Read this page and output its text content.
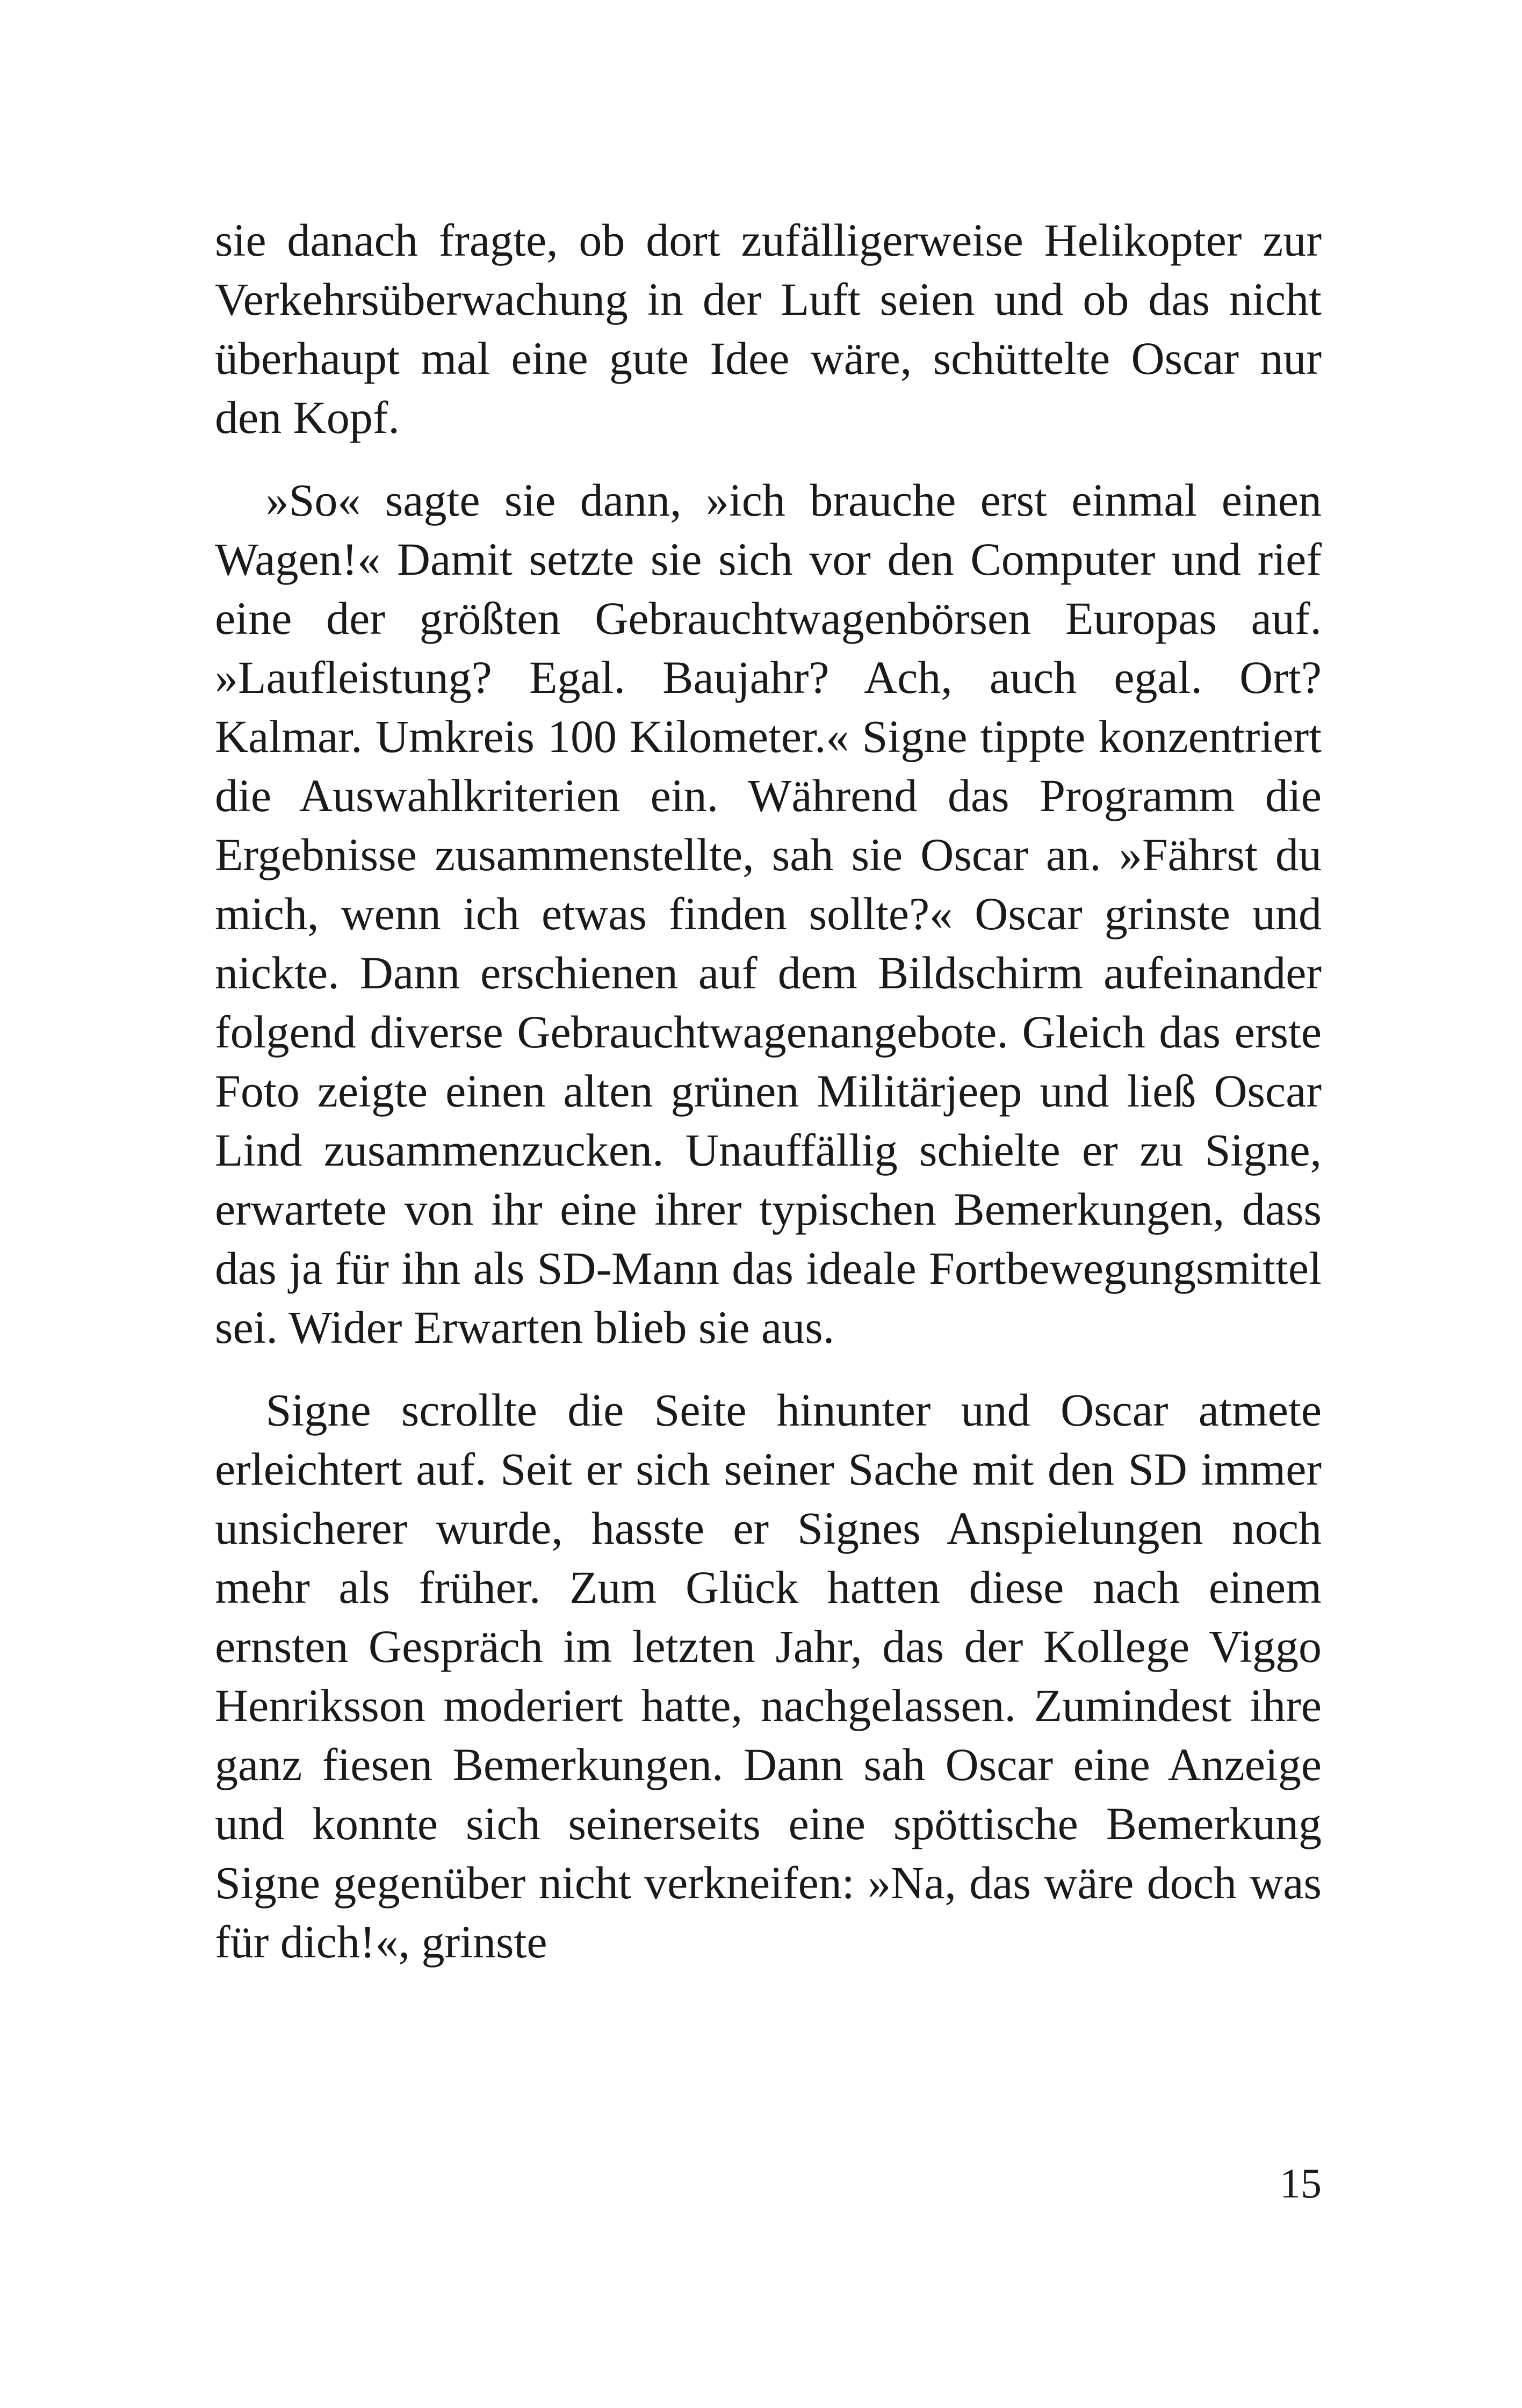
sie danach fragte, ob dort zufälligerweise Helikopter zur Verkehrsüberwachung in der Luft seien und ob das nicht überhaupt mal eine gute Idee wäre, schüttelte Oscar nur den Kopf.

»So« sagte sie dann, »ich brauche erst einmal einen Wagen!« Damit setzte sie sich vor den Computer und rief eine der größten Gebrauchtwagenbörsen Europas auf. »Laufleistung? Egal. Baujahr? Ach, auch egal. Ort? Kalmar. Umkreis 100 Kilometer.« Signe tippte konzentriert die Auswahlkriterien ein. Während das Programm die Ergebnisse zusammenstellte, sah sie Oscar an. »Fährst du mich, wenn ich etwas finden sollte?« Oscar grinste und nickte. Dann erschienen auf dem Bildschirm aufeinander folgend diverse Gebrauchtwagenangebote. Gleich das erste Foto zeigte einen alten grünen Militärjeep und ließ Oscar Lind zusammenzucken. Unauffällig schielte er zu Signe, erwartete von ihr eine ihrer typischen Bemerkungen, dass das ja für ihn als SD-Mann das ideale Fortbewegungsmittel sei. Wider Erwarten blieb sie aus.

Signe scrollte die Seite hinunter und Oscar atmete erleichtert auf. Seit er sich seiner Sache mit den SD immer unsicherer wurde, hasste er Signes Anspielungen noch mehr als früher. Zum Glück hatten diese nach einem ernsten Gespräch im letzten Jahr, das der Kollege Viggo Henriksson moderiert hatte, nachgelassen. Zumindest ihre ganz fiesen Bemerkungen. Dann sah Oscar eine Anzeige und konnte sich seinerseits eine spöttische Bemerkung Signe gegenüber nicht verkneifen: »Na, das wäre doch was für dich!«, grinste

15
